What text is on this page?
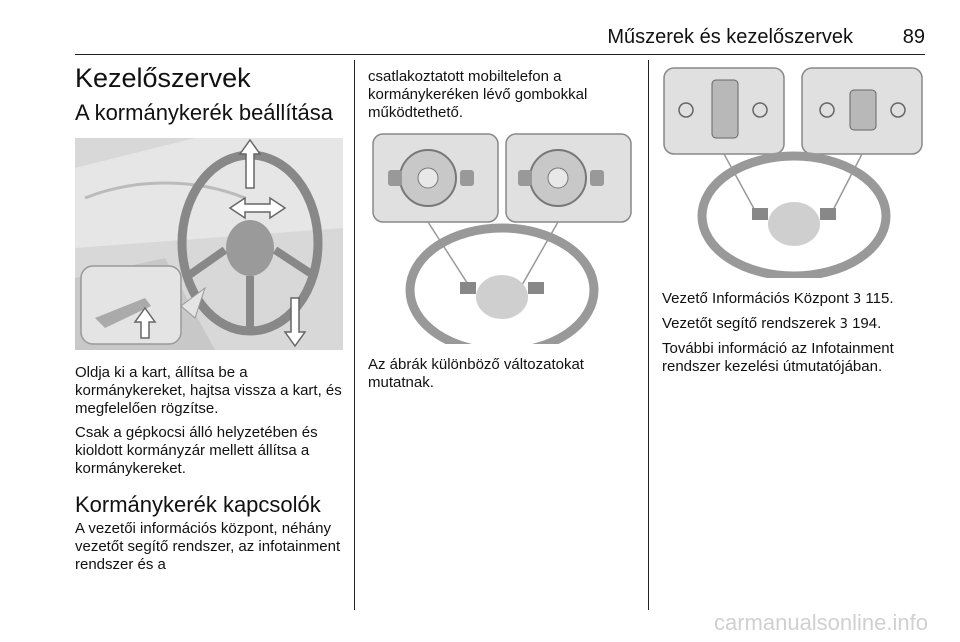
Műszerek és kezelőszervek 89
Kezelőszervek
A kormánykerék beállítása

Oldja ki a kart, állítsa be a kormánykereket, hajtsa vissza a kart, és megfelelően rögzítse.

Csak a gépkocsi álló helyzetében és kioldott kormányzár mellett állítsa a kormánykereket.

Kormánykerék kapcsolók

A vezetői információs központ, néhány vezetőt segítő rendszer, az infotainment rendszer és a

csatlakoztatott mobiltelefon a kormánykeréken lévő gombokkal működtethető.

Az ábrák különböző változatokat mutatnak.

Vezető Információs Központ 3 115.

Vezetőt segítő rendszerek 3 194.

További információ az Infotainment rendszer kezelési útmutatójában.

carmanualsonline.info
